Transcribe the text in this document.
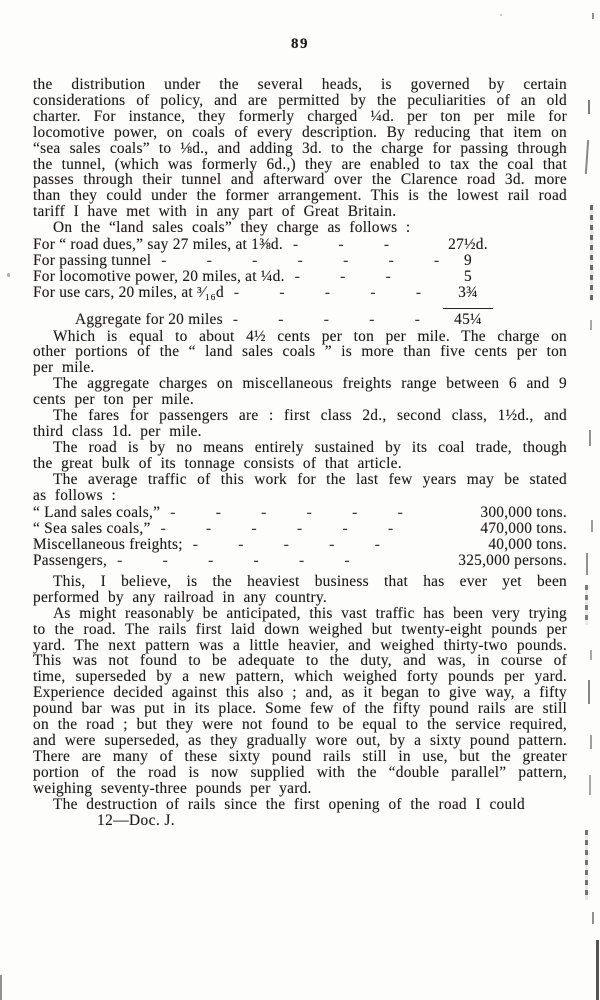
89

the distribution under the several heads, is governed by certain considerations of policy, and are permitted by the peculiarities of an old charter. For instance, they formerly charged ¼d. per ton per mile for locomotive power, on coals of every description. By reducing that item on “sea sales coals” to ⅛d., and adding 3d. to the charge for passing through the tunnel, (which was formerly 6d.,) they are enabled to tax the coal that passes through their tunnel and afterward over the Clarence road 3d. more than they could under the former arrangement. This is the lowest rail road tariff I have met with in any part of Great Britain.

On the “land sales coals” they charge as follows :

For “ road dues,” say 27 miles, at 1⅜d. - - -	27½d.
For passing tunnel - - - - - - -	9
For locomotive power, 20 miles, at ¼d. - - -	5
For use cars, 20 miles, at ³⁄₁₆d - - - - -	3¾
Aggregate for 20 miles - - - - -	45¼

Which is equal to about 4½ cents per ton per mile. The charge on other portions of the “ land sales coals ” is more than five cents per ton per mile.

The aggregate charges on miscellaneous freights range between 6 and 9 cents per ton per mile.

The fares for passengers are : first class 2d., second class, 1½d., and third class 1d. per mile.

The road is by no means entirely sustained by its coal trade, though the great bulk of its tonnage consists of that article.

The average traffic of this work for the last few years may be stated as follows :

“ Land sales coals,” - - - - - -	300,000 tons.
“ Sea sales coals,” - - - - - -	470,000 tons.
Miscellaneous freights; - - - - -	40,000 tons.
Passengers, - - - - - -	325,000 persons.

This, I believe, is the heaviest business that has ever yet been performed by any railroad in any country.

As might reasonably be anticipated, this vast traffic has been very trying to the road. The rails first laid down weighed but twenty-eight pounds per yard. The next pattern was a little heavier, and weighed thirty-two pounds. This was not found to be adequate to the duty, and was, in course of time, superseded by a new pattern, which weighed forty pounds per yard. Experience decided against this also ; and, as it began to give way, a fifty pound bar was put in its place. Some few of the fifty pound rails are still on the road ; but they were not found to be equal to the service required, and were superseded, as they gradually wore out, by a sixty pound pattern. There are many of these sixty pound rails still in use, but the greater portion of the road is now supplied with the “double parallel” pattern, weighing seventy-three pounds per yard.

The destruction of rails since the first opening of the road I could

12—Doc. J.
